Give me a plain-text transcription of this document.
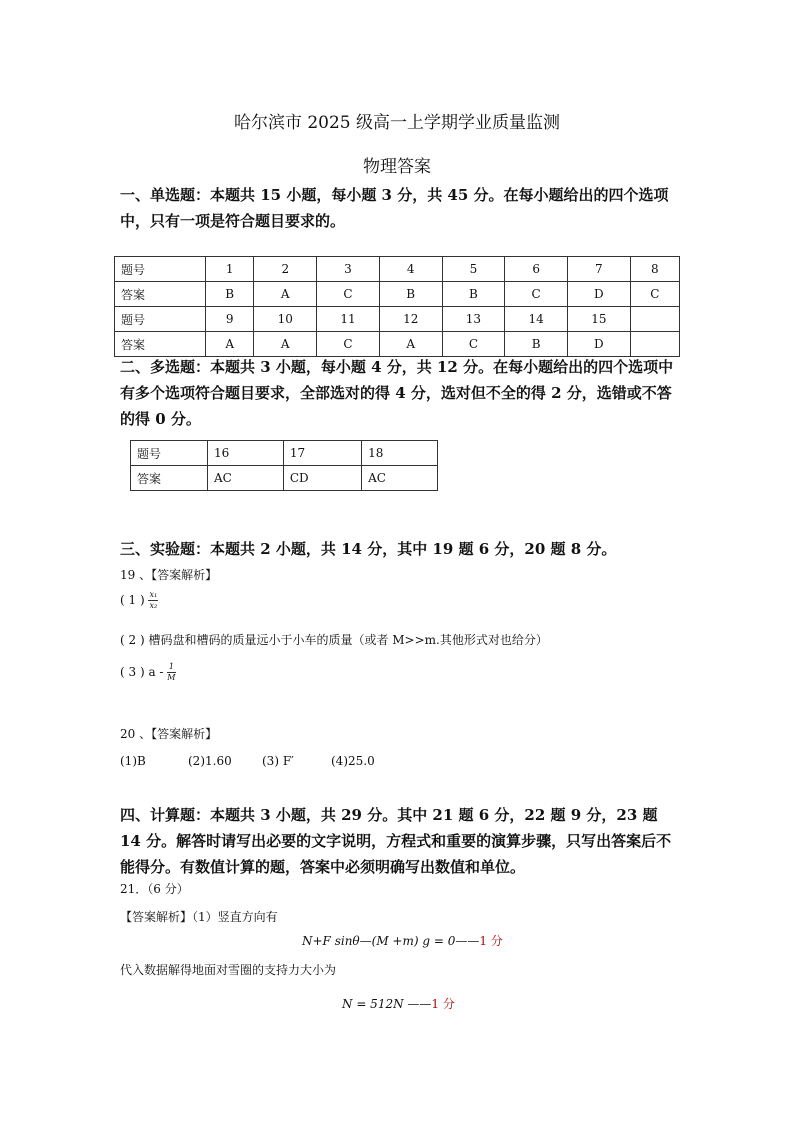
哈尔滨市 2025 级高一上学期学业质量监测
物理答案
一、单选题：本题共 15 小题，每小题 3 分，共 45 分。在每小题给出的四个选项中，只有一项是符合题目要求的。
题号	1	2	3	4	5	6	7	8
答案	B	A	C	B	B	C	D	C
题号	9	10	11	12	13	14	15	
答案	A	A	C	A	C	B	D	
二、多选题：本题共 3 小题，每小题 4 分，共 12 分。在每小题给出的四个选项中有多个选项符合题目要求，全部选对的得 4 分，选对但不全的得 2 分，选错或不答的得 0 分。
题号	16	17	18
答案	AC	CD	AC
三、实验题：本题共 2 小题，共 14 分，其中 19 题 6 分，20 题 8 分。
19 、【答案解析】
( 1 ) $\frac{\text{x₁}}{\text{x₂}}$
( 2 ) 槽码盘和槽码的质量远小于小车的质量（或者 M>>m.其他形式对也给分）
( 3 ) a - $\frac{1}{M}$
20 、【答案解析】
(1)B	(2)1.60	(3) F′	(4)25.0
四、计算题：本题共 3 小题，共 29 分。其中 21 题 6 分，22 题 9 分，23 题 14 分。解答时请写出必要的文字说明，方程式和重要的演算步骤，只写出答案后不能得分。有数值计算的题，答案中必须明确写出数值和单位。
21．（6 分）
【答案解析】（1）竖直方向有
N+F sinθ—(M +m) g = 0——1 分
代入数据解得地面对雪圈的支持力大小为
N = 512N ——1 分
